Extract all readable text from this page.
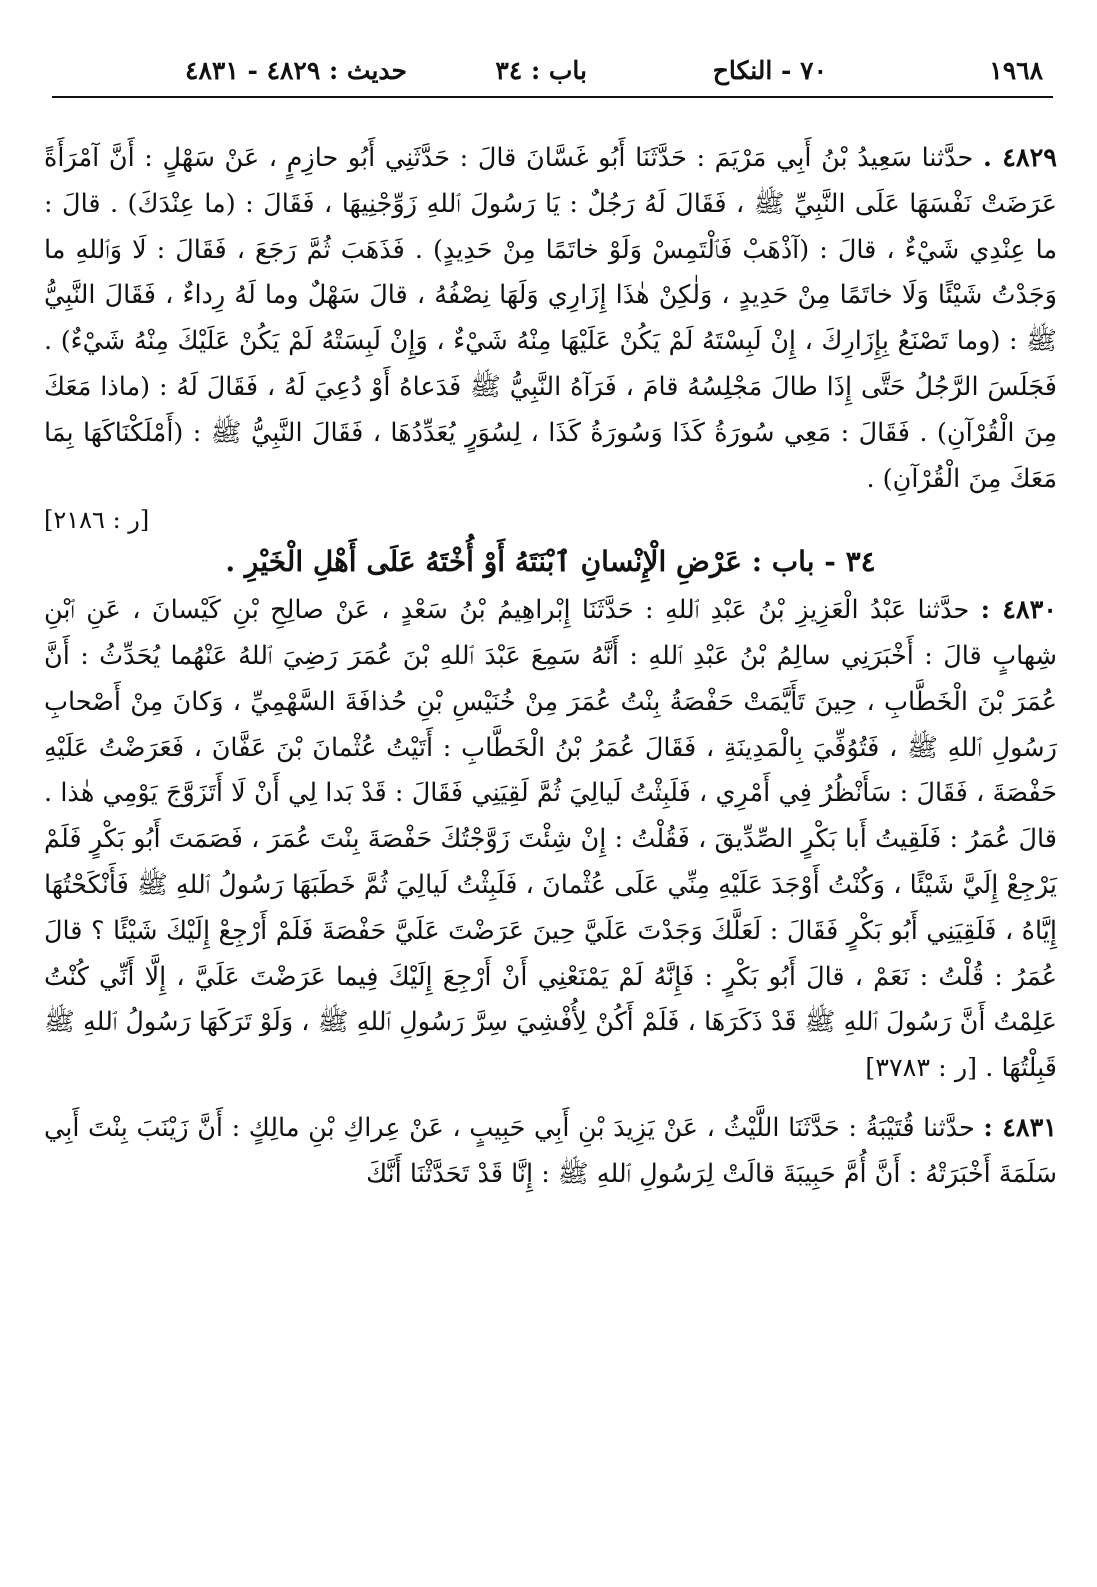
١٩٦٨
٧٠ - النكاح
باب : ٣٤
حديث : ٤٨٢٩ - ٤٨٣١

٤٨٢٩ . حدَّثنا سَعِيدُ بْنُ أَبِي مَرْيَمَ : حَدَّثَنَا أَبُو غَسَّانَ قالَ : حَدَّثَنِي أَبُو حازِمٍ ، عَنْ سَهْلٍ : أَنَّ آمْرَأَةً عَرَضَتْ نَفْسَهَا عَلَى النَّبِيِّ ﷺ ، فَقَالَ لَهُ رَجُلٌ : يَا رَسُولَ ٱللهِ زَوِّجْنِيهَا ، فَقَالَ : (ما عِنْدَكَ) . قالَ : ما عِنْدِي شَيْءٌ ، قالَ : (آذْهَبْ فَٱلْتَمِسْ وَلَوْ خاتَمًا مِنْ حَدِيدٍ) . فَذَهَبَ ثُمَّ رَجَعَ ، فَقَالَ : لَا وَٱللهِ ما وَجَدْتُ شَيْئًا وَلَا خاتَمًا مِنْ حَدِيدٍ ، وَلٰكِنْ هٰذَا إِزَارِي وَلَهَا نِصْفُهُ ، قالَ سَهْلٌ وما لَهُ رِداءٌ ، فَقَالَ النَّبِيُّ ﷺ : (وما تَصْنَعُ بِإِزَارِكَ ، إِنْ لَبِسْتَهُ لَمْ يَكُنْ عَلَيْهَا مِنْهُ شَيْءٌ ، وَإِنْ لَبِسَتْهُ لَمْ يَكُنْ عَلَيْكَ مِنْهُ شَيْءٌ) . فَجَلَسَ الرَّجُلُ حَتَّى إِذَا طالَ مَجْلِسُهُ قامَ ، فَرَآهُ النَّبِيُّ ﷺ فَدَعاهُ أَوْ دُعِيَ لَهُ ، فَقَالَ لَهُ : (ماذا مَعَكَ مِنَ الْقُرْآنِ) . فَقَالَ : مَعِي سُورَةُ كَذَا وَسُورَةُ كَذَا ، لِسُوَرٍ يُعَدِّدُهَا ، فَقَالَ النَّبِيُّ ﷺ : (أَمْلَكْنَاكَهَا بِمَا مَعَكَ مِنَ الْقُرْآنِ) .
[ر : ٢١٨٦]

٣٤ - باب : عَرْضِ الْإِنْسانِ ٱبْنَتَهُ أَوْ أُخْتَهُ عَلَى أَهْلِ الْخَيْرِ .

٤٨٣٠ : حدَّثنا عَبْدُ الْعَزِيزِ بْنُ عَبْدِ ٱللهِ : حَدَّثَنَا إِبْراهِيمُ بْنُ سَعْدٍ ، عَنْ صالِحِ بْنِ كَيْسانَ ، عَنِ ٱبْنِ شِهابٍ قالَ : أَخْبَرَنِي سالِمُ بْنُ عَبْدِ ٱللهِ : أَنَّهُ سَمِعَ عَبْدَ ٱللهِ بْنَ عُمَرَ رَضِيَ ٱللهُ عَنْهُما يُحَدِّثُ : أَنَّ عُمَرَ بْنَ الْخَطَّابِ ، حِينَ تَأَيَّمَتْ حَفْصَةُ بِنْتُ عُمَرَ مِنْ خُنَيْسِ بْنِ حُذافَةَ السَّهْمِيِّ ، وَكانَ مِنْ أَصْحابِ رَسُولِ ٱللهِ ﷺ ، فَتُوُفِّيَ بِالْمَدِينَةِ ، فَقَالَ عُمَرُ بْنُ الْخَطَّابِ : أَتَيْتُ عُثْمانَ بْنَ عَفَّانَ ، فَعَرَضْتُ عَلَيْهِ حَفْصَةَ ، فَقَالَ : سَأَنْظُرُ فِي أَمْرِي ، فَلَبِثْتُ لَيالِيَ ثُمَّ لَقِيَنِي فَقَالَ : قَدْ بَدا لِي أَنْ لَا أَتَزَوَّجَ يَوْمِي هٰذا . قالَ عُمَرُ : فَلَقِيتُ أَبا بَكْرٍ الصِّدِّيقَ ، فَقُلْتُ : إِنْ شِئْتَ زَوَّجْتُكَ حَفْصَةَ بِنْتَ عُمَرَ ، فَصَمَتَ أَبُو بَكْرٍ فَلَمْ يَرْجِعْ إِلَيَّ شَيْئًا ، وَكُنْتُ أَوْجَدَ عَلَيْهِ مِنِّي عَلَى عُثْمانَ ، فَلَبِثْتُ لَيالِيَ ثُمَّ خَطَبَهَا رَسُولُ ٱللهِ ﷺ فَأَنْكَحْتُهَا إِيَّاهُ ، فَلَقِيَنِي أَبُو بَكْرٍ فَقَالَ : لَعَلَّكَ وَجَدْتَ عَلَيَّ حِينَ عَرَضْتَ عَلَيَّ حَفْصَةَ فَلَمْ أَرْجِعْ إِلَيْكَ شَيْئًا ؟ قالَ عُمَرُ : قُلْتُ : نَعَمْ ، قالَ أَبُو بَكْرٍ : فَإِنَّهُ لَمْ يَمْنَعْنِي أَنْ أَرْجِعَ إِلَيْكَ فِيما عَرَضْتَ عَلَيَّ ، إِلَّا أَنِّي كُنْتُ عَلِمْتُ أَنَّ رَسُولَ ٱللهِ ﷺ قَدْ ذَكَرَهَا ، فَلَمْ أَكُنْ لِأُفْشِيَ سِرَّ رَسُولِ ٱللهِ ﷺ ، وَلَوْ تَرَكَهَا رَسُولُ ٱللهِ ﷺ قَبِلْتُهَا . [ر : ٣٧٨٣]

٤٨٣١ : حدَّثنا قُتَيْبَةُ : حَدَّثَنَا اللَّيْثُ ، عَنْ يَزِيدَ بْنِ أَبِي حَبِيبٍ ، عَنْ عِراكِ بْنِ مالِكٍ : أَنَّ زَيْنَبَ بِنْتَ أَبِي سَلَمَةَ أَخْبَرَتْهُ : أَنَّ أُمَّ حَبِيبَةَ قالَتْ لِرَسُولِ ٱللهِ ﷺ : إِنَّا قَدْ تَحَدَّثْنَا أَنَّكَ
